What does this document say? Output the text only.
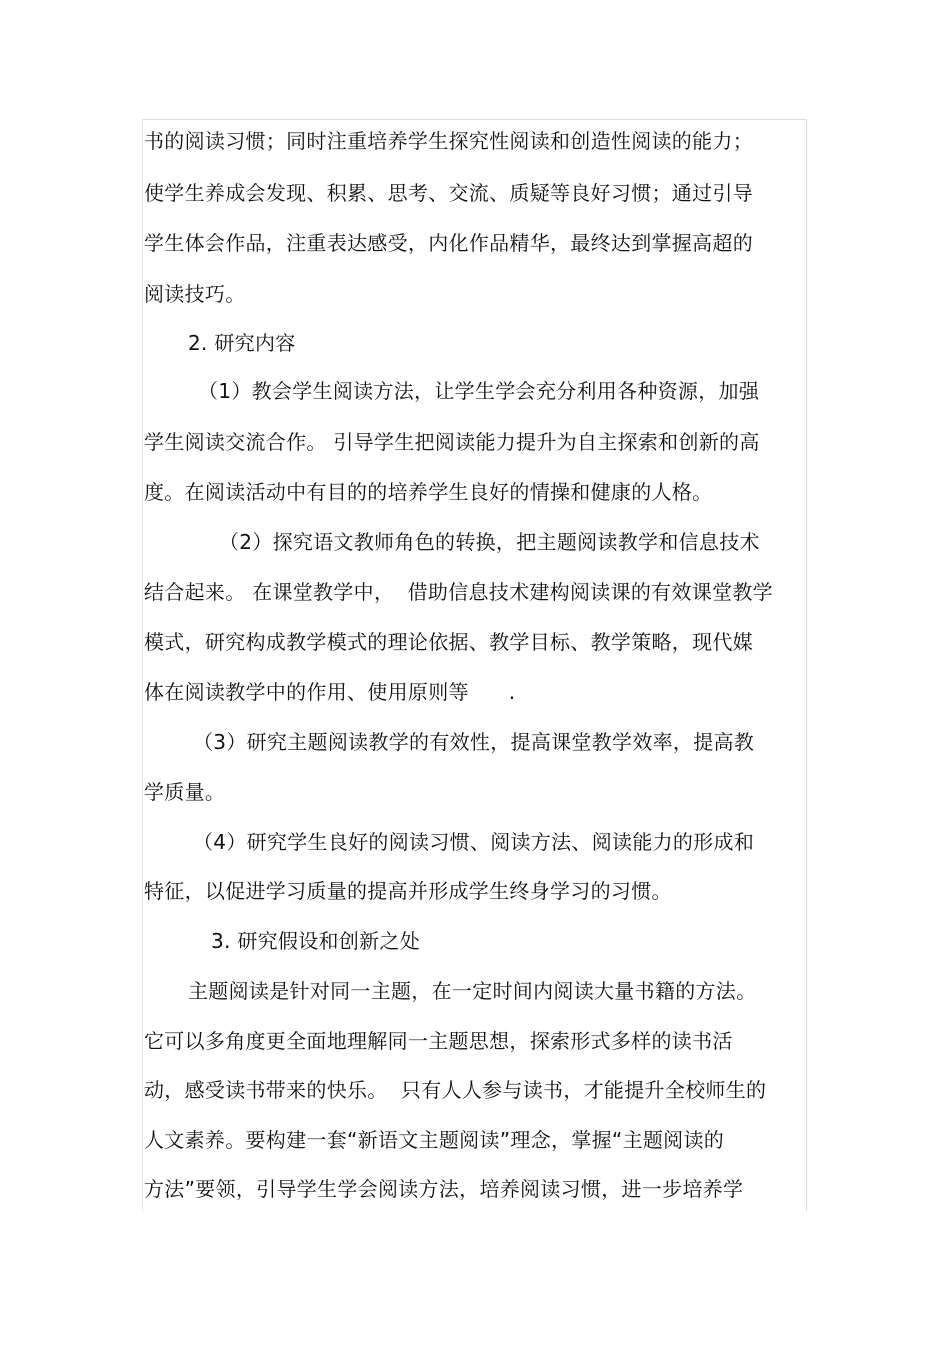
书的阅读习惯；同时注重培养学生探究性阅读和创造性阅读的能力；
使学生养成会发现、积累、思考、交流、质疑等良好习惯；通过引导
学生体会作品，注重表达感受，内化作品精华，最终达到掌握高超的
阅读技巧。
2. 研究内容
（1）教会学生阅读方法，让学生学会充分利用各种资源，加强
学生阅读交流合作。 引导学生把阅读能力提升为自主探索和创新的高
度。在阅读活动中有目的的培养学生良好的情操和健康的人格。
（2）探究语文教师角色的转换，把主题阅读教学和信息技术
结合起来。 在课堂教学中，  借助信息技术建构阅读课的有效课堂教学
模式，研究构成教学模式的理论依据、教学目标、教学策略，现代媒
体在阅读教学中的作用、使用原则等      .
（3）研究主题阅读教学的有效性，提高课堂教学效率，提高教
学质量。
（4）研究学生良好的阅读习惯、阅读方法、阅读能力的形成和
特征，以促进学习质量的提高并形成学生终身学习的习惯。
3. 研究假设和创新之处
主题阅读是针对同一主题，在一定时间内阅读大量书籍的方法。
它可以多角度更全面地理解同一主题思想，探索形式多样的读书活
动，感受读书带来的快乐。  只有人人参与读书，才能提升全校师生的
人文素养。要构建一套“新语文主题阅读”理念，掌握“主题阅读的
方法”要领，引导学生学会阅读方法，培养阅读习惯，进一步培养学
